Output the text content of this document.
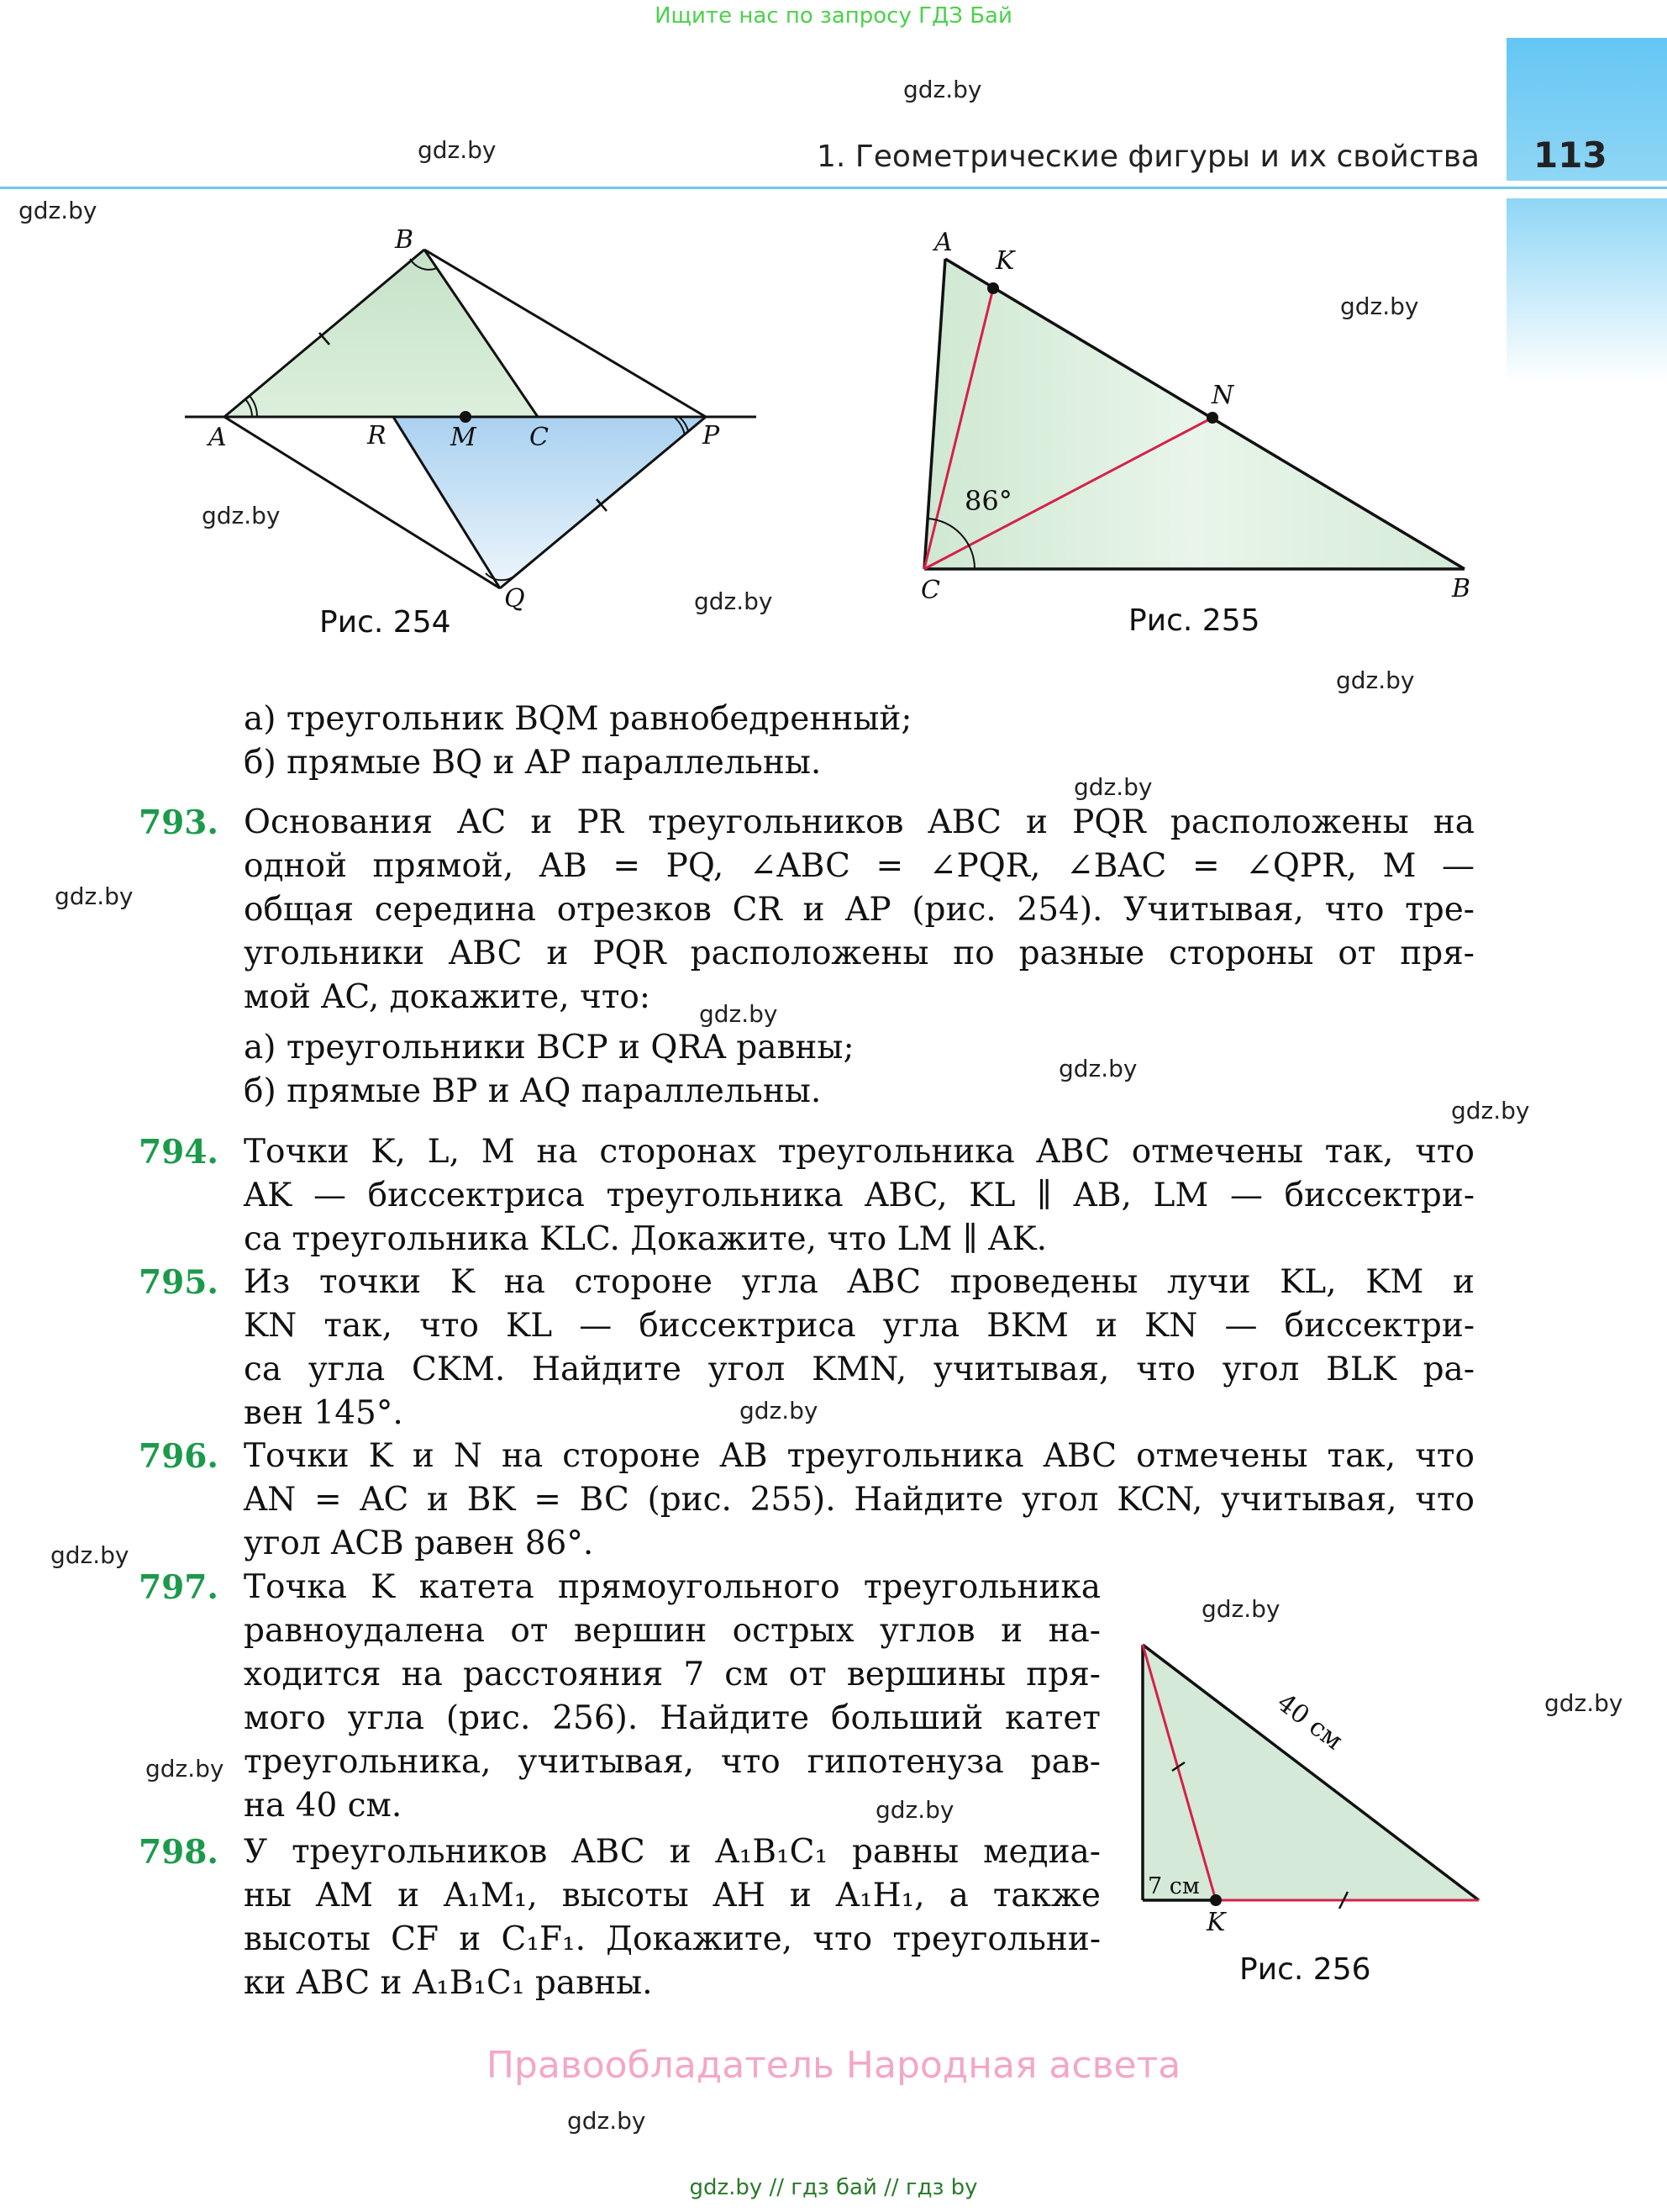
Ищите нас по запросу ГДЗ Бай
113
1. Геометрические фигуры и их свойства
gdz.by
gdz.by
gdz.by
gdz.by
gdz.by
gdz.by
gdz.by
gdz.by
gdz.by
gdz.by
gdz.by
gdz.by
gdz.by
gdz.by
gdz.by
gdz.by
gdz.by
gdz.by
gdz.by
B
A	R	M C	P
Q
Рис. 254
A
K
N
C	B
86°
Рис. 255
а) треугольник BQM равнобедренный;
б) прямые BQ и AP параллельны.
793. Основания AC и PR треугольников ABC и PQR расположены на
одной прямой, AB = PQ, ∠ABC = ∠PQR, ∠BAC = ∠QPR, M —
общая середина отрезков CR и AP (рис. 254). Учитывая, что тре-
угольники ABC и PQR расположены по разные стороны от пря-
мой AC, докажите, что:
а) треугольники BCP и QRA равны;
б) прямые BP и AQ параллельны.
794. Точки K, L, M на сторонах треугольника ABC отмечены так, что
AK — биссектриса треугольника ABC, KL ∥ AB, LM — биссектри-
са треугольника KLC. Докажите, что LM ∥ AK.
795. Из точки K на стороне угла ABC проведены лучи KL, KM и
KN так, что KL — биссектриса угла BKM и KN — биссектри-
са угла CKM. Найдите угол KMN, учитывая, что угол BLK ра-
вен 145°.
796. Точки K и N на стороне AB треугольника ABC отмечены так, что
AN = AC и BK = BC (рис. 255). Найдите угол KCN, учитывая, что
угол ACB равен 86°.
797. Точка K катета прямоугольного треугольника
равноудалена от вершин острых углов и на-
ходится на расстояния 7 см от вершины пря-
мого угла (рис. 256). Найдите больший катет
треугольника, учитывая, что гипотенуза рав-
на 40 см.
798. У треугольников ABC и A₁B₁C₁ равны медиа-
ны AM и A₁M₁, высоты AH и A₁H₁, а также
высоты CF и C₁F₁. Докажите, что треугольни-
ки ABC и A₁B₁C₁ равны.
K
7 см
40 см
Рис. 256
Правообладатель Народная асвета
gdz.by // гдз бай // гдз by
